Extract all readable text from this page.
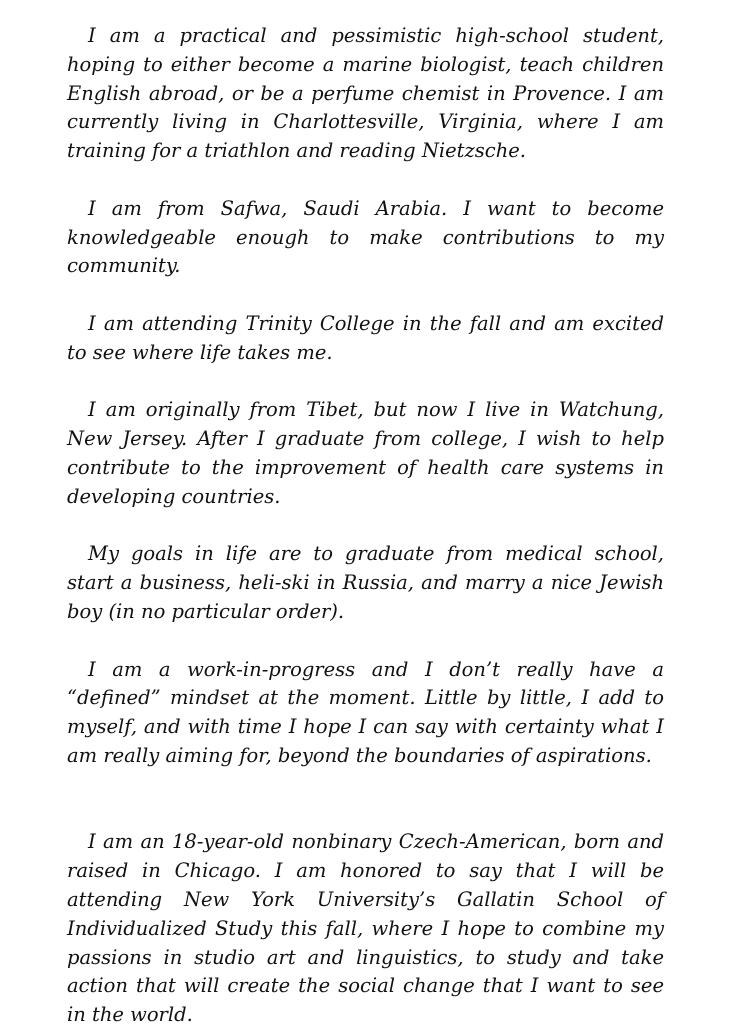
I am a practical and pessimistic high-school student, hoping to either become a marine biologist, teach children English abroad, or be a perfume chemist in Provence. I am currently living in Charlottesville, Virginia, where I am training for a triathlon and reading Nietzsche.

I am from Safwa, Saudi Arabia. I want to become knowledgeable enough to make contributions to my community.

I am attending Trinity College in the fall and am excited to see where life takes me.

I am originally from Tibet, but now I live in Watchung, New Jersey. After I graduate from college, I wish to help contribute to the improvement of health care systems in developing countries.

My goals in life are to graduate from medical school, start a business, heli-ski in Russia, and marry a nice Jewish boy (in no particular order).

I am a work-in-progress and I don’t really have a “defined” mindset at the moment. Little by little, I add to myself, and with time I hope I can say with certainty what I am really aiming for, beyond the boundaries of aspirations.

I am an 18-year-old nonbinary Czech-American, born and raised in Chicago. I am honored to say that I will be attending New York University’s Gallatin School of Individualized Study this fall, where I hope to combine my passions in studio art and linguistics, to study and take action that will create the social change that I want to see in the world.
